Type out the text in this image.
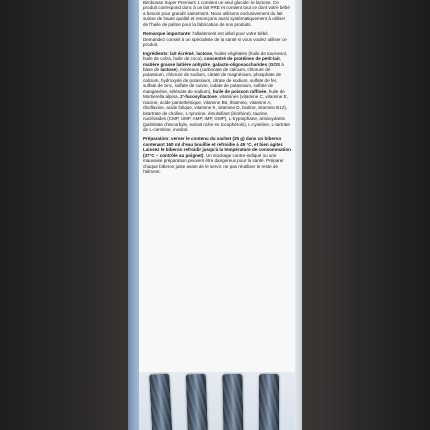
Bimbosan Super Premium 1 contient un seul glucide: le lactose. Ce produit correspond donc à un lait PRE et contient tout ce dont votre bébé a besoin pour grandir sainement. Nous utilisons exclusivement du lait suisse de haute qualité et renonçons aussi systématiquement à utiliser de l'huile de palme pour la fabrication de nos produits.

Remarque importante: l'allaitement est idéal pour votre bébé. Demandez conseil à un spécialiste de la santé si vous voulez utiliser ce produit.

Ingrédients: lait écrémé, lactose, huiles végétales (huile de tournesol, huile de colza, huile de coco), concentré de protéines de petit-lait, matière grasse laitière anhydre, galacto-oligosaccharides (GOS à base de lactose), minéraux (carbonate de calcium, chlorure de potassium, chlorure de sodium, citrate de magnésium, phosphate de calcium, hydroxyde de potassium, citrate de sodium, sulfate de fer, sulfate de zinc, sulfate de cuivre, iodate de potassium, sulfate de manganèse, sélénate de sodium), huile de poisson raffinée, huile de Mortierella alpina, 2'-fucosyllactose, vitamines (vitamine C, vitamine E, niacine, acide pantothénique, vitamine B6, thiamine, vitamine A, riboflavine, acide folique, vitamine K, vitamine D, biotine, vitamine B12), bitartrate de choline, L-tyrosine, émulsifiant (lécithine), taurine, nucléotides (CMP, UMP, AMP, IMP, GMP), L-tryptophane, antioxydants (palmitate d'ascorbyle, extrait riche en tocophérols), L-cystéine, L-tartrate de L-carnitine, inositol.

Préparation: verser le contenu du sachet (25 g) dans un biberon contenant 160 ml d'eau bouillie et refroidie à 45 °C, et bien agiter. Laissez le biberon refroidir jusqu'à la température de consommation (37°C – contrôle au poignet). Un stockage contre-indiqué ou une mauvaise préparation peuvent être dangereux pour la santé. Préparer chaque biberon juste avant de le servir, ne pas réutiliser le reste de l'aliment.
